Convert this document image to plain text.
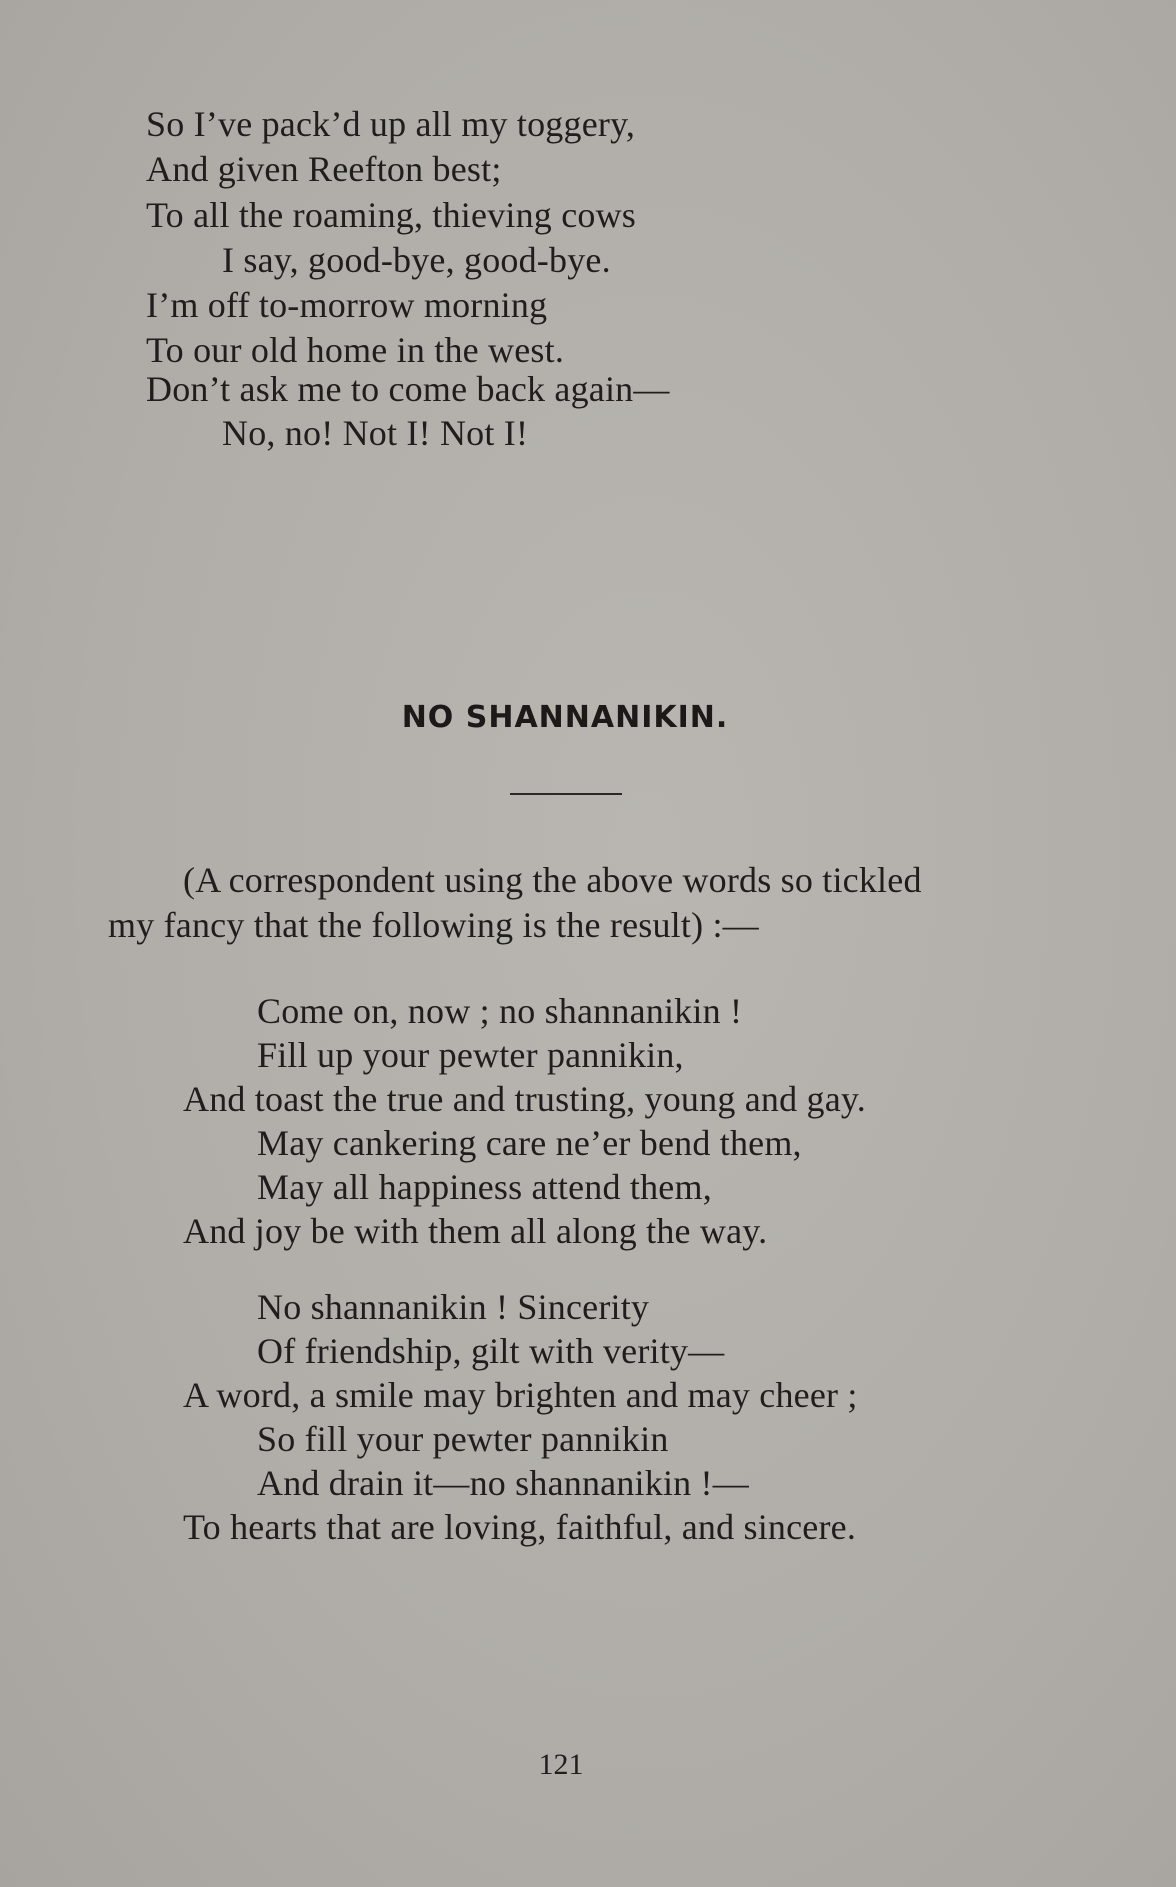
So I’ve pack’d up all my toggery,
And given Reefton best;
To all the roaming, thieving cows
I say, good-bye, good-bye.
I’m off to-morrow morning
To our old home in the west.
Don’t ask me to come back again—
No, no! Not I! Not I!
NO SHANNANIKIN.
(A correspondent using the above words so tickled
my fancy that the following is the result) :—
Come on, now ; no shannanikin !
Fill up your pewter pannikin,
And toast the true and trusting, young and gay.
May cankering care ne’er bend them,
May all happiness attend them,
And joy be with them all along the way.
No shannanikin ! Sincerity
Of friendship, gilt with verity—
A word, a smile may brighten and may cheer ;
So fill your pewter pannikin
And drain it—no shannanikin !—
To hearts that are loving, faithful, and sincere.
121
